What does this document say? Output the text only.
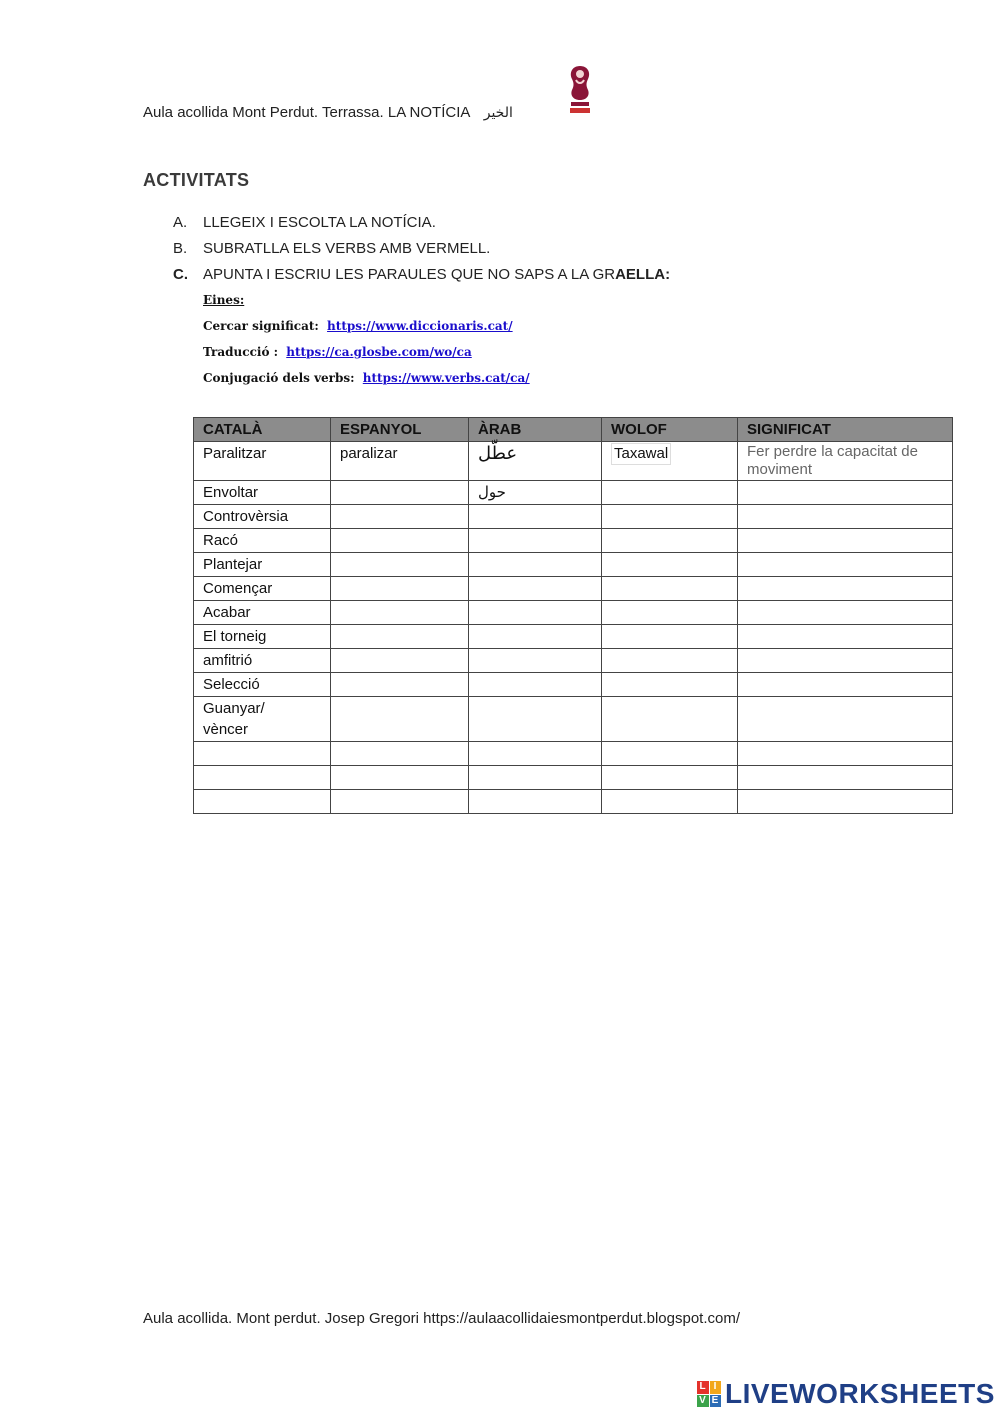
Aula acollida Mont Perdut. Terrassa. LA NOTÍCIA الخير
ACTIVITATS
A. LLEGEIX I ESCOLTA LA NOTÍCIA.
B. SUBRATLLA ELS VERBS AMB VERMELL.
C. APUNTA I ESCRIU LES PARAULES QUE NO SAPS A LA GRAELLA:
Eines:
Cercar significat: https://www.diccionaris.cat/
Traducció : https://ca.glosbe.com/wo/ca
Conjugació dels verbs: https://www.verbs.cat/ca/
CATALÀ	ESPANYOL	ÀRAB	WOLOF	SIGNIFICAT
Paralitzar	paralizar	عطّل	Taxawal	Fer perdre la capacitat de moviment

Envoltar		حول		
Controvèrsia				
Racó				
Plantejar				
Començar				
Acabar				
El torneig				
amfitrió				
Selecció				
Guanyar/
vèncer				

Aula acollida. Mont perdut. Josep Gregori https://aulaacollidaiesmontperdut.blogspot.com/
L I
V E LIVEWORKSHEETS
